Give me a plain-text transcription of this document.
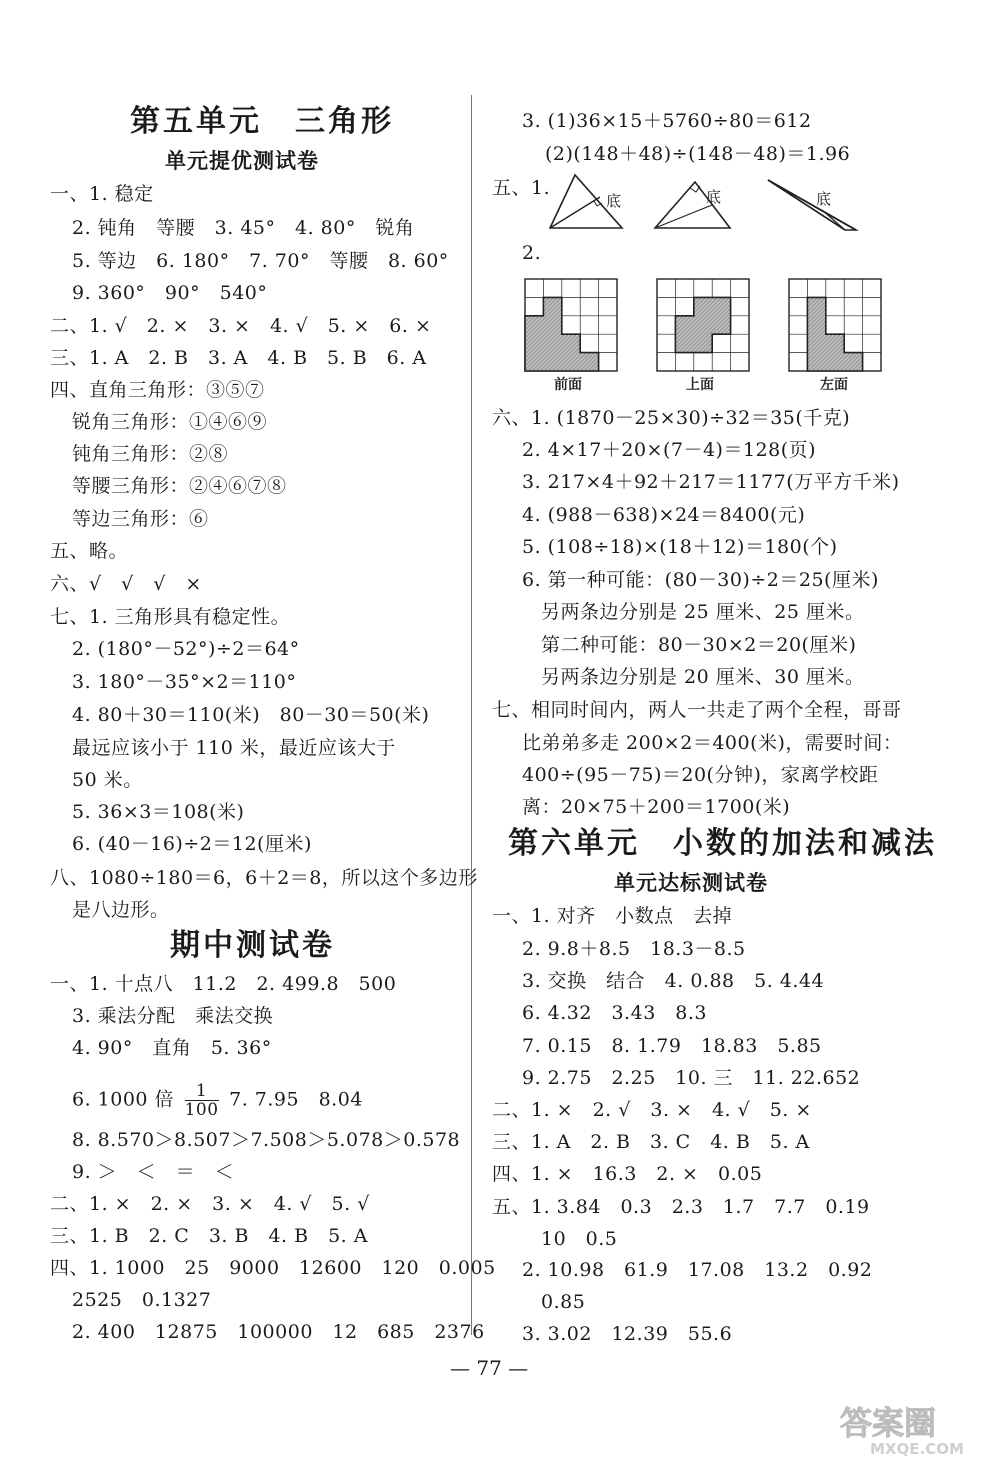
第五单元　三角形
单元提优测试卷
一、1. 稳定
2. 钝角　等腰　3. 45°　4. 80°　锐角
5. 等边　6. 180°　7. 70°　等腰　8. 60°
9. 360°　90°　540°
二、1. √　2. ×　3. ×　4. √　5. ×　6. ×
三、1. A　2. B　3. A　4. B　5. B　6. A
四、直角三角形：③⑤⑦
锐角三角形：①④⑥⑨
钝角三角形：②⑧
等腰三角形：②④⑥⑦⑧
等边三角形：⑥
五、略。
六、√　√　√　×
七、1. 三角形具有稳定性。
2. (180°－52°)÷2＝64°
3. 180°－35°×2＝110°
4. 80＋30＝110(米)　80－30＝50(米)
最远应该小于 110 米，最近应该大于
50 米。
5. 36×3＝108(米)
6. (40－16)÷2＝12(厘米)
八、1080÷180＝6，6＋2＝8，所以这个多边形
是八边形。
期中测试卷
一、1. 十点八　11.2　2. 499.8　500
3. 乘法分配　乘法交换
4. 90°　直角　5. 36°
6. 1000 倍 $\frac{1}{100} 7$. 7.95　8.04
8. 8.570＞8.507＞7.508＞5.078＞0.578
9. ＞　＜　＝　＜
二、1. ×　2. ×　3. ×　4. √　5. √
三、1. B　2. C　3. B　4. B　5. A
四、1. 1000　25　9000　12600　120　0.005
2525　0.1327
2. 400　12875　100000　12　685　2376
3. (1)36×15＋5760÷80＝612
(2)(148＋48)÷(148－48)＝1.96
五、1.
底	底	底
2.
前面	上面	左面
六、1. (1870－25×30)÷32＝35(千克)
2. 4×17＋20×(7－4)＝128(页)
3. 217×4＋92＋217＝1177(万平方千米)
4. (988－638)×24＝8400(元)
5. (108÷18)×(18＋12)＝180(个)
6. 第一种可能：(80－30)÷2＝25(厘米)
另两条边分别是 25 厘米、25 厘米。
第二种可能：80－30×2＝20(厘米)
另两条边分别是 20 厘米、30 厘米。
七、相同时间内，两人一共走了两个全程，哥哥
比弟弟多走 200×2＝400(米)，需要时间：
400÷(95－75)＝20(分钟)，家离学校距
离：20×75＋200＝1700(米)
第六单元　小数的加法和减法
单元达标测试卷
一、1. 对齐　小数点　去掉
2. 9.8＋8.5　18.3－8.5
3. 交换　结合　4. 0.88　5. 4.44
6. 4.32　3.43　8.3
7. 0.15　8. 1.79　18.83　5.85
9. 2.75　2.25　10. 三　11. 22.652
二、1. ×　2. √　3. ×　4. √　5. ×
三、1. A　2. B　3. C　4. B　5. A
四、1. ×　16.3　2. ×　0.05
五、1. 3.84　0.3　2.3　1.7　7.7　0.19
10　0.5
2. 10.98　61.9　17.08　13.2　0.92
0.85
3. 3.02　12.39　55.6
— 77 —
答案圈
MXQE.COM
